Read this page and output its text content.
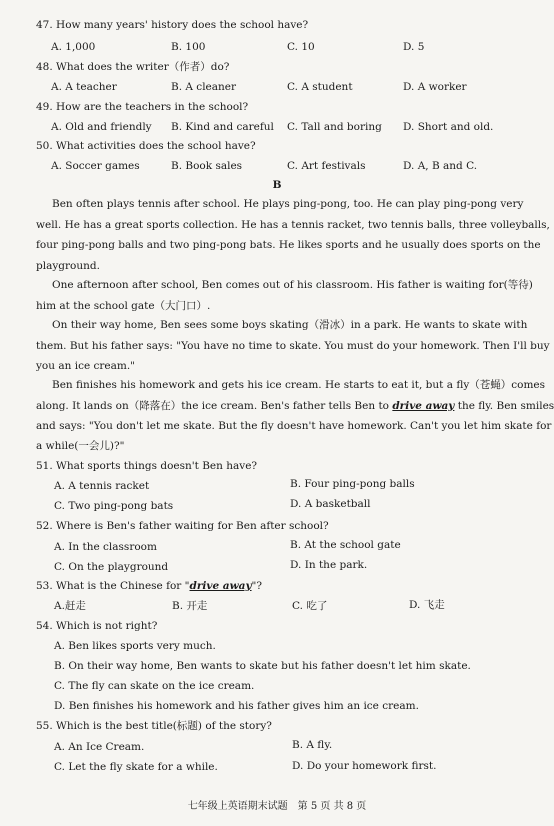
47. How many years' history does the school have?
A. 1,000	B. 100	C. 10	D. 5
48. What does the writer（作者）do?
A. A teacher	B. A cleaner	C. A student	D. A worker
49. How are the teachers in the school?
A. Old and friendly B. Kind and careful C. Tall and boring D. Short and old.
50. What activities does the school have?
A. Soccer games	B. Book sales	C. Art festivals	D. A, B and C.
B
Ben often plays tennis after school. He plays ping-pong, too. He can play ping-pong very
well. He has a great sports collection. He has a tennis racket, two tennis balls, three volleyballs,
four ping-pong balls and two ping-pong bats. He likes sports and he usually does sports on the
playground.
One afternoon after school, Ben comes out of his classroom. His father is waiting for(等待)
him at the school gate（大门口）.
On their way home, Ben sees some boys skating（滑冰）in a park. He wants to skate with
them. But his father says: "You have no time to skate. You must do your homework. Then I'll buy
you an ice cream."
Ben finishes his homework and gets his ice cream. He starts to eat it, but a fly（苍蝇）comes
along. It lands on（降落在）the ice cream. Ben's father tells Ben to drive away the fly. Ben smiles
and says: "You don't let me skate. But the fly doesn't have homework. Can't you let him skate for
a while(一会儿)?"
51. What sports things doesn't Ben have?
A. A tennis racket	B. Four ping-pong balls
C. Two ping-pong bats	D. A basketball
52. Where is Ben's father waiting for Ben after school?
A. In the classroom	B. At the school gate
C. On the playground	D. In the park.
53. What is the Chinese for "drive away"?
A.赶走	B. 开走	C. 吃了	D. 飞走
54. Which is not right?
A. Ben likes sports very much.
B. On their way home, Ben wants to skate but his father doesn't let him skate.
C. The fly can skate on the ice cream.
D. Ben finishes his homework and his father gives him an ice cream.
55. Which is the best title(标题) of the story?
A. An Ice Cream.	B. A fly.
C. Let the fly skate for a while.	D. Do your homework first.
七年级上英语期末试题　第 5 页 共 8 页
